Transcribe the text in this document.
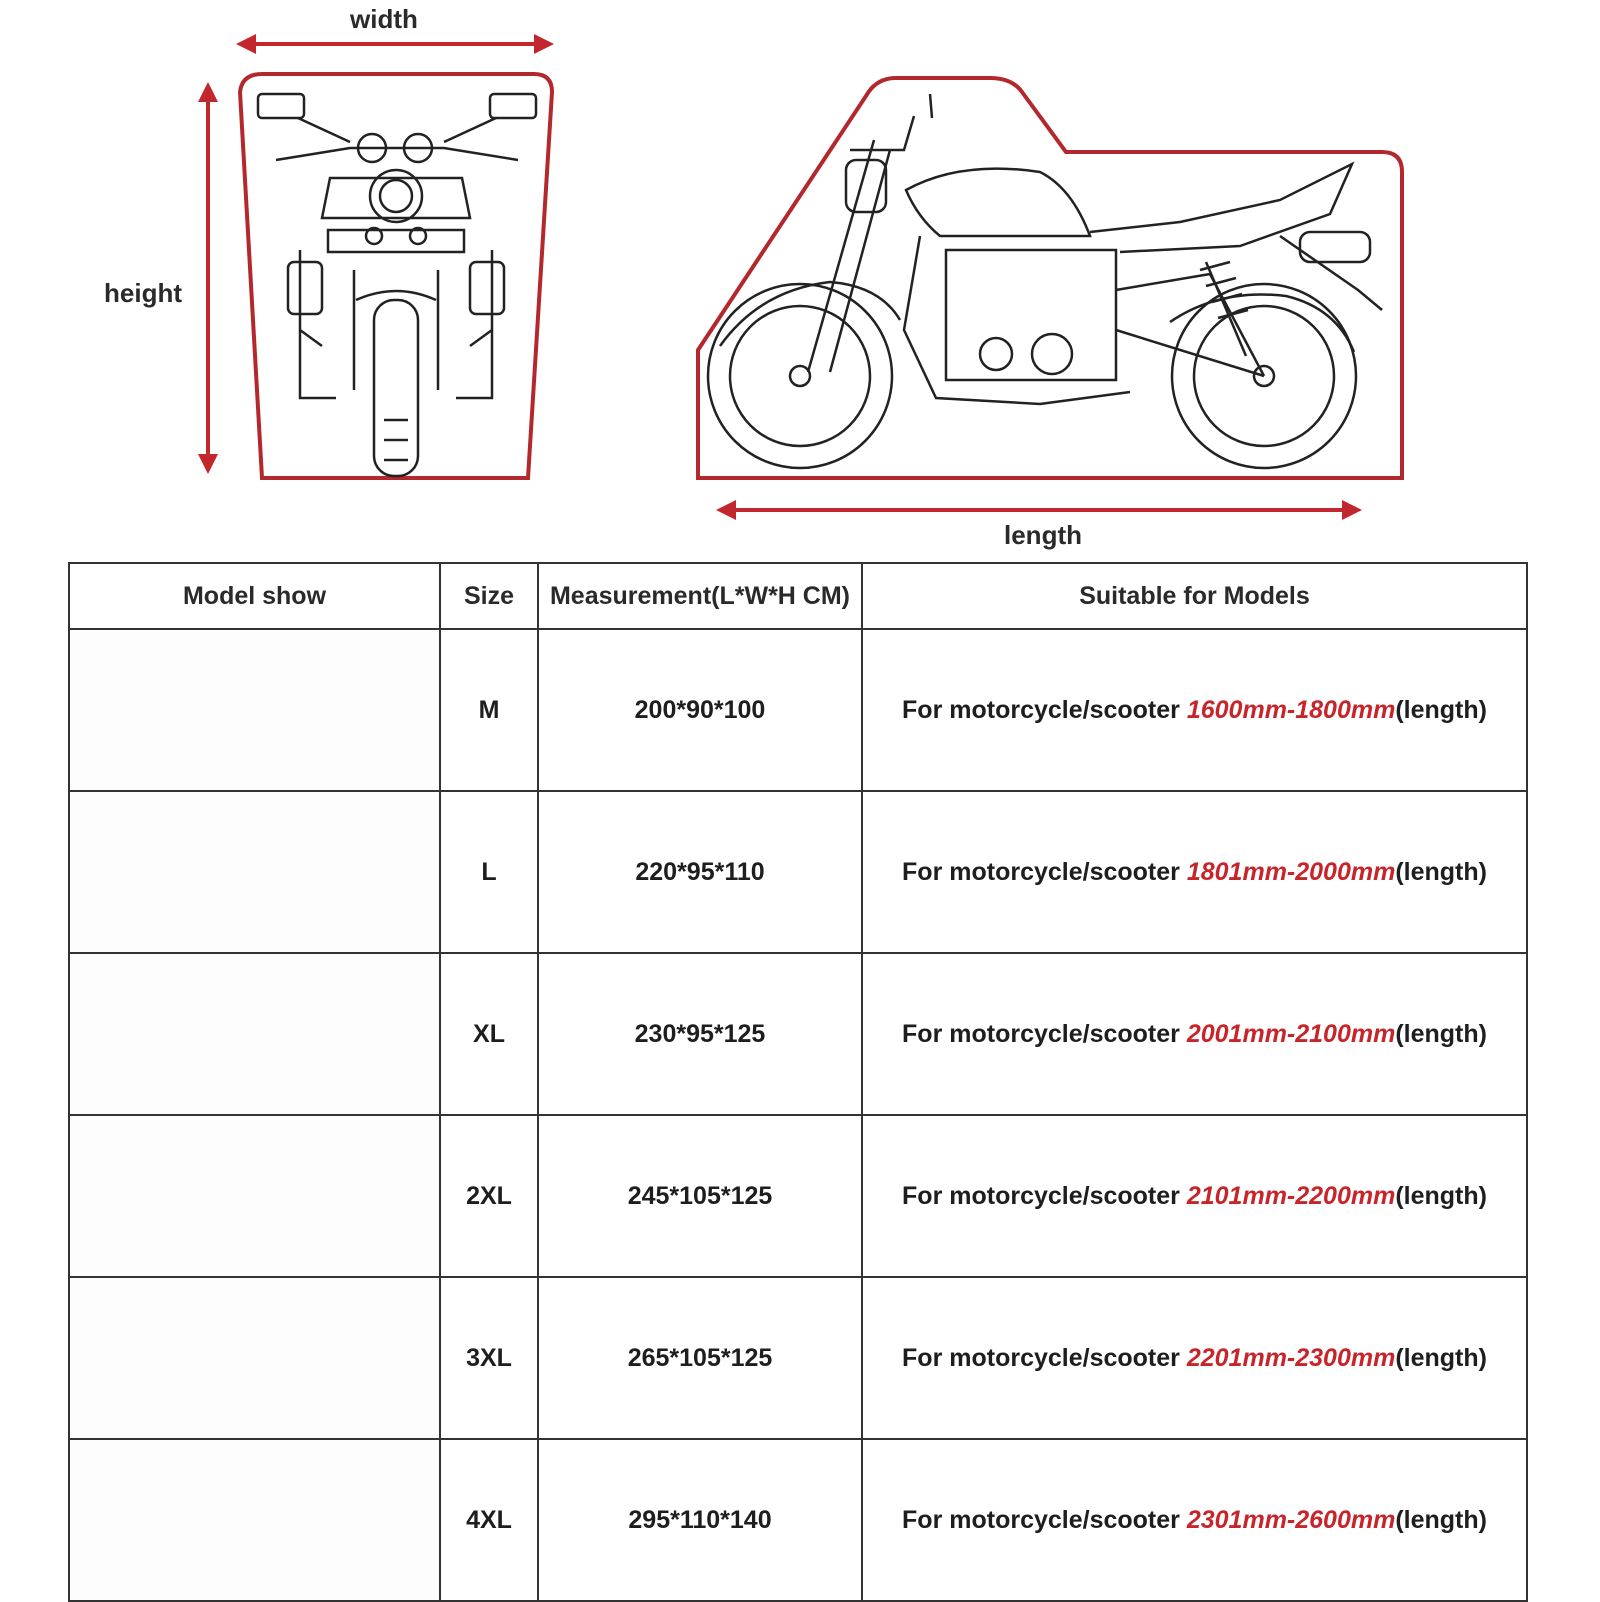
width
height
length
Model show	Size	Measurement(L*W*H CM)	Suitable for Models
	M	200*90*100	For motorcycle/scooter 1600mm-1800mm(length)
	L	220*95*110	For motorcycle/scooter 1801mm-2000mm(length)
	XL	230*95*125	For motorcycle/scooter 2001mm-2100mm(length)
	2XL	245*105*125	For motorcycle/scooter 2101mm-2200mm(length)
	3XL	265*105*125	For motorcycle/scooter 2201mm-2300mm(length)
	4XL	295*110*140	For motorcycle/scooter 2301mm-2600mm(length)
